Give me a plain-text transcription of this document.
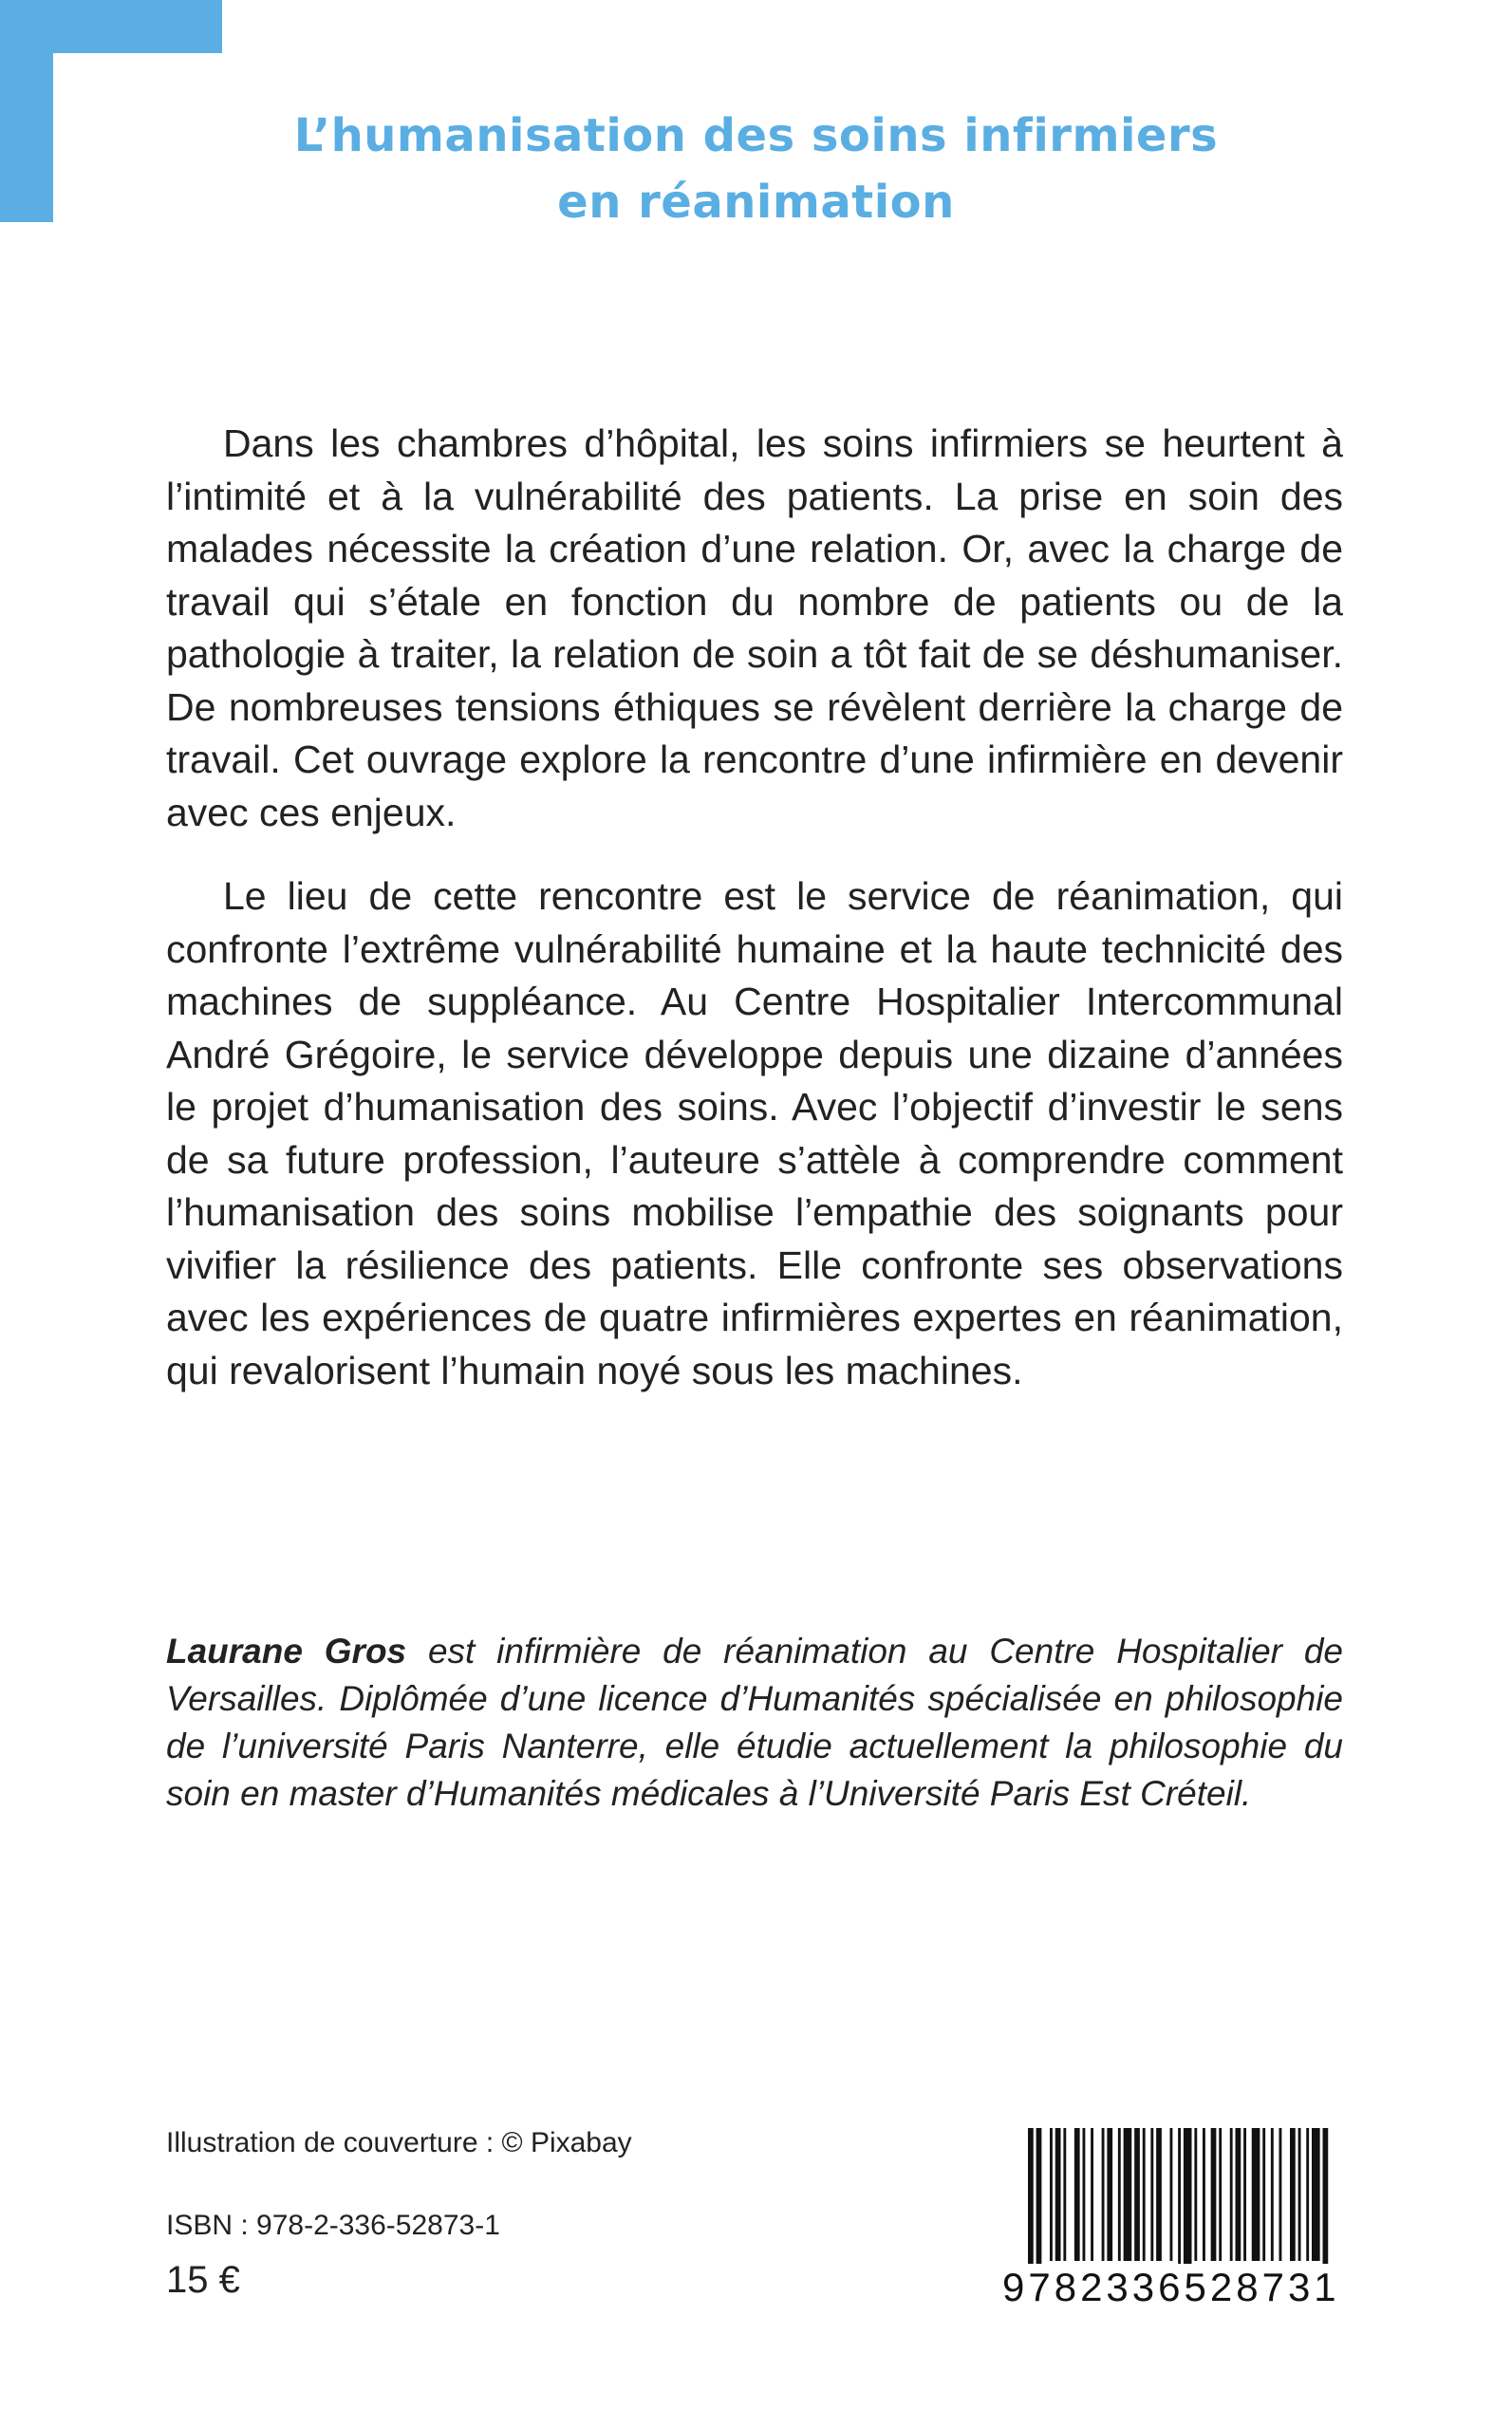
L’humanisation des soins infirmiers
en réanimation

Dans les chambres d’hôpital, les soins infirmiers se heurtent à l’intimité et à la vulnérabilité des patients. La prise en soin des malades nécessite la création d’une relation. Or, avec la charge de travail qui s’étale en fonction du nombre de patients ou de la pathologie à traiter, la relation de soin a tôt fait de se déshumaniser. De nombreuses tensions éthiques se révèlent derrière la charge de travail. Cet ouvrage explore la rencontre d’une infirmière en devenir avec ces enjeux.

Le lieu de cette rencontre est le service de réanimation, qui confronte l’extrême vulnérabilité humaine et la haute technicité des machines de suppléance. Au Centre Hospitalier Intercommunal André Grégoire, le service développe depuis une dizaine d’années le projet d’humanisation des soins. Avec l’objectif d’investir le sens de sa future profession, l’auteure s’attèle à comprendre comment l’humanisation des soins mobilise l’empathie des soignants pour vivifier la résilience des patients. Elle confronte ses observations avec les expériences de quatre infirmières expertes en réanimation, qui revalorisent l’humain noyé sous les machines.

Laurane Gros est infirmière de réanimation au Centre Hospitalier de Versailles. Diplômée d’une licence d’Humanités spécialisée en philosophie de l’université Paris Nanterre, elle étudie actuellement la philosophie du soin en master d’Humanités médicales à l’Université Paris Est Créteil.
Illustration de couverture : © Pixabay
ISBN : 978-2-336-52873-1
15 €	9782336528731
